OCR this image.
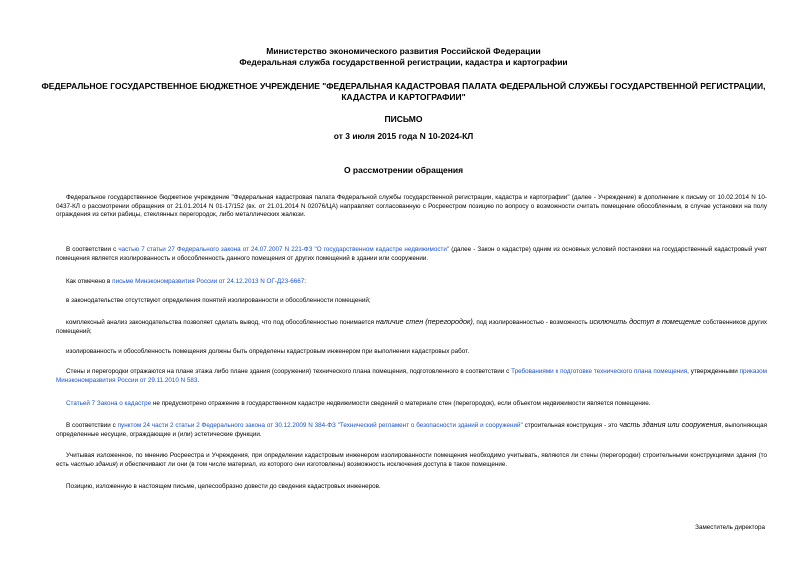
Министерство экономического развития Российской Федерации
Федеральная служба государственной регистрации, кадастра и картографии
ФЕДЕРАЛЬНОЕ ГОСУДАРСТВЕННОЕ БЮДЖЕТНОЕ УЧРЕЖДЕНИЕ "ФЕДЕРАЛЬНАЯ КАДАСТРОВАЯ ПАЛАТА ФЕДЕРАЛЬНОЙ СЛУЖБЫ ГОСУДАРСТВЕННОЙ РЕГИСТРАЦИИ, КАДАСТРА И КАРТОГРАФИИ"
ПИСЬМО
от 3 июля 2015 года N 10-2024-КЛ
О рассмотрении обращения
Федеральное государственное бюджетное учреждение "Федеральная кадастровая палата Федеральной службы государственной регистрации, кадастра и картографии" (далее - Учреждение) в дополнение к письму от 10.02.2014 N 10-0437-КЛ о рассмотрении обращения от 21.01.2014 N 01-17/152 (вх. от 21.01.2014 N 02076/ЦА) направляет согласованную с Росреестром позицию по вопросу о возможности считать помещение обособленным, в случае установки на полу ограждения из сетки рабицы, стеклянных перегородок, либо металлических жалюзи.
В соответствии с частью 7 статьи 27 Федерального закона от 24.07.2007 N 221-ФЗ "О государственном кадастре недвижимости" (далее - Закон о кадастре) одним из основных условий постановки на государственный кадастровый учет помещения является изолированность и обособленность данного помещения от других помещений в здании или сооружении.
Как отмечено в письме Минэкономразвития России от 24.12.2013 N ОГ-Д23-6667:
в законодательстве отсутствуют определения понятий изолированности и обособленности помещений;
комплексный анализ законодательства позволяет сделать вывод, что под обособленностью понимается наличие стен (перегородок), под изолированностью - возможность исключить доступ в помещение собственников других помещений;
изолированность и обособленность помещения должны быть определены кадастровым инженером при выполнении кадастровых работ.
Стены и перегородки отражаются на плане этажа либо плане здания (сооружения) технического плана помещения, подготовленного в соответствии с Требованиями к подготовке технического плана помещения, утвержденными приказом Минэкономразвития России от 29.11.2010 N 583.
Статьей 7 Закона о кадастре не предусмотрено отражение в государственном кадастре недвижимости сведений о материале стен (перегородок), если объектом недвижимости является помещение.
В соответствии с пунктом 24 части 2 статьи 2 Федерального закона от 30.12.2009 N 384-ФЗ "Технический регламент о безопасности зданий и сооружений" строительная конструкция - это часть здания или сооружения, выполняющая определенные несущие, ограждающие и (или) эстетические функции.
Учитывая изложенное, по мнению Росреестра и Учреждения, при определении кадастровым инженером изолированности помещения необходимо учитывать, являются ли стены (перегородки) строительными конструкциями здания (то есть частью здания) и обеспечивают ли они (в том числе материал, из которого они изготовлены) возможность исключения доступа в такое помещение.
Позицию, изложенную в настоящем письме, целесообразно довести до сведения кадастровых инженеров.
Заместитель директора
